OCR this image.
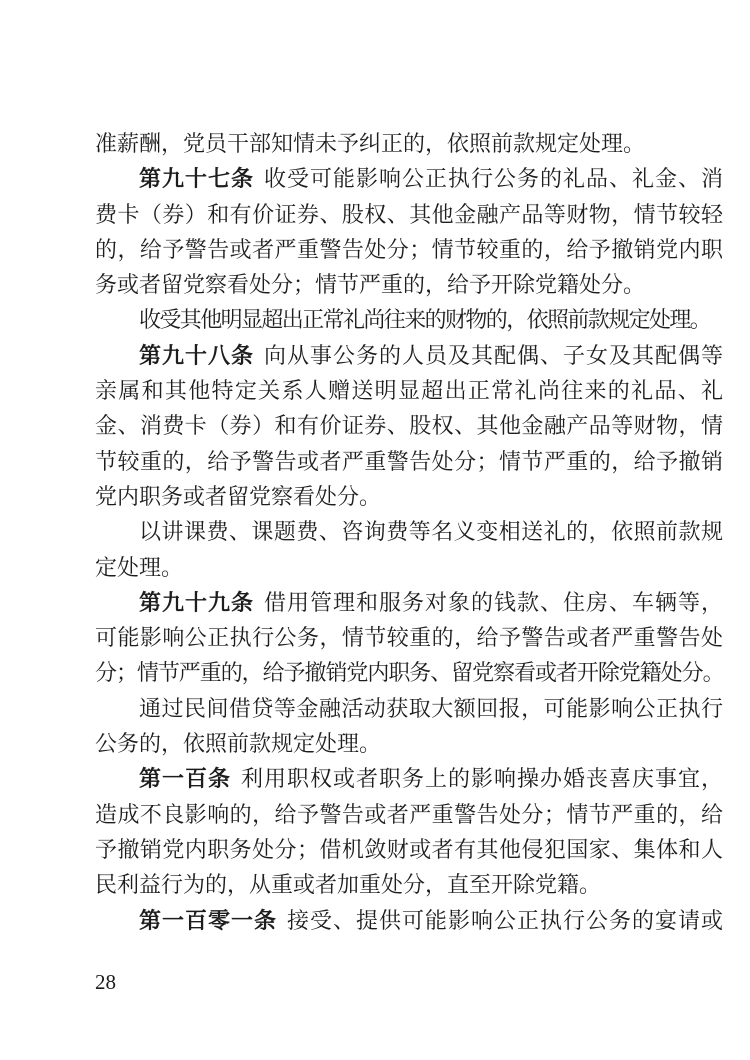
准薪酬，党员干部知情未予纠正的，依照前款规定处理。
第九十七条 收受可能影响公正执行公务的礼品、礼金、消
费卡（券）和有价证券、股权、其他金融产品等财物，情节较轻
的，给予警告或者严重警告处分；情节较重的，给予撤销党内职
务或者留党察看处分；情节严重的，给予开除党籍处分。
收受其他明显超出正常礼尚往来的财物的，依照前款规定处理。
第九十八条 向从事公务的人员及其配偶、子女及其配偶等
亲属和其他特定关系人赠送明显超出正常礼尚往来的礼品、礼
金、消费卡（券）和有价证券、股权、其他金融产品等财物，情
节较重的，给予警告或者严重警告处分；情节严重的，给予撤销
党内职务或者留党察看处分。
以讲课费、课题费、咨询费等名义变相送礼的，依照前款规
定处理。
第九十九条 借用管理和服务对象的钱款、住房、车辆等，
可能影响公正执行公务，情节较重的，给予警告或者严重警告处
分；情节严重的，给予撤销党内职务、留党察看或者开除党籍处分。
通过民间借贷等金融活动获取大额回报，可能影响公正执行
公务的，依照前款规定处理。
第一百条 利用职权或者职务上的影响操办婚丧喜庆事宜，
造成不良影响的，给予警告或者严重警告处分；情节严重的，给
予撤销党内职务处分；借机敛财或者有其他侵犯国家、集体和人
民利益行为的，从重或者加重处分，直至开除党籍。
第一百零一条 接受、提供可能影响公正执行公务的宴请或
28
